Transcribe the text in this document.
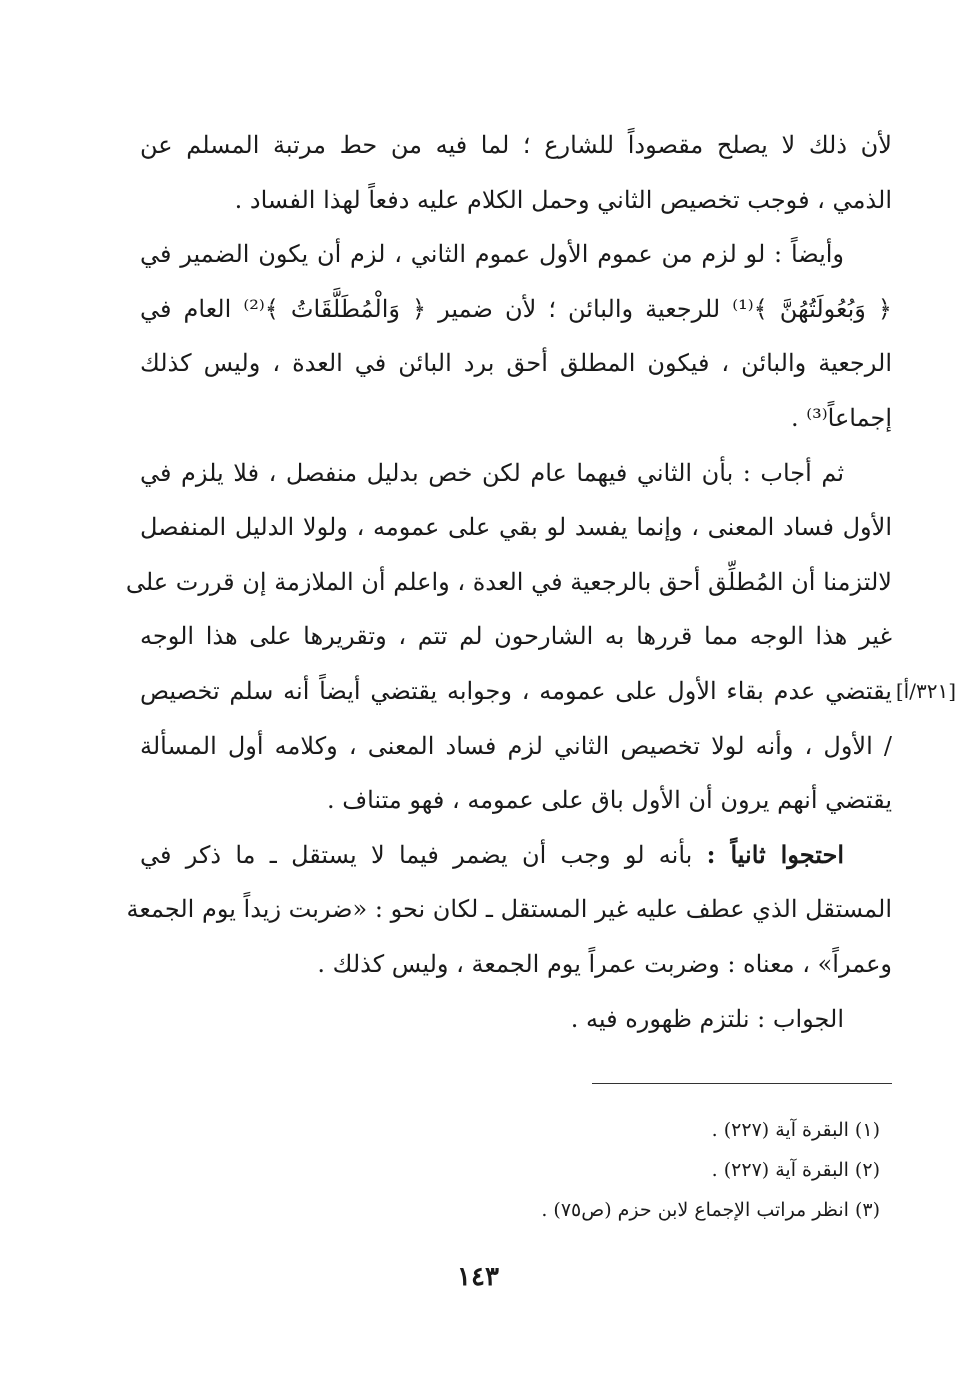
لأن ذلك لا يصلح مقصوداً للشارع ؛ لما فيه من حط مرتبة المسلم عن
الذمي ، فوجب تخصيص الثاني وحمل الكلام عليه دفعاً لهذا الفساد .
وأيضاً : لو لزم من عموم الأول عموم الثاني ، لزم أن يكون الضمير في
﴿ وَبُعُولَتُهُنَّ ﴾⁽¹⁾ للرجعية والبائن ؛ لأن ضمير ﴿ وَالْمُطَلَّقَاتُ ﴾⁽²⁾ العام في
الرجعية والبائن ، فيكون المطلق أحق برد البائن في العدة ، وليس كذلك
إجماعاً⁽³⁾ .
ثم أجاب : بأن الثاني فيهما عام لكن خص بدليل منفصل ، فلا يلزم في
الأول فساد المعنى ، وإنما يفسد لو بقي على عمومه ، ولولا الدليل المنفصل
لالتزمنا أن المُطلِّق أحق بالرجعية في العدة ، واعلم أن الملازمة إن قررت على
غير هذا الوجه مما قررها به الشارحون لم تتم ، وتقريرها على هذا الوجه
يقتضي عدم بقاء الأول على عمومه ، وجوابه يقتضي أيضاً أنه سلم تخصيص [٣٢١/أ]
/ الأول ، وأنه لولا تخصيص الثاني لزم فساد المعنى ، وكلامه أول المسألة
يقتضي أنهم يرون أن الأول باق على عمومه ، فهو متناف .
احتجوا ثانياً : بأنه لو وجب أن يضمر فيما لا يستقل ـ ما ذكر في
المستقل الذي عطف عليه غير المستقل ـ لكان نحو : «ضربت زيداً يوم الجمعة
وعمراً» ، معناه : وضربت عمراً يوم الجمعة ، وليس كذلك .
الجواب : نلتزم ظهوره فيه .
(١) البقرة آية (٢٢٧) .
(٢) البقرة آية (٢٢٧) .
(٣) انظر مراتب الإجماع لابن حزم (ص٧٥) .
١٤٣
